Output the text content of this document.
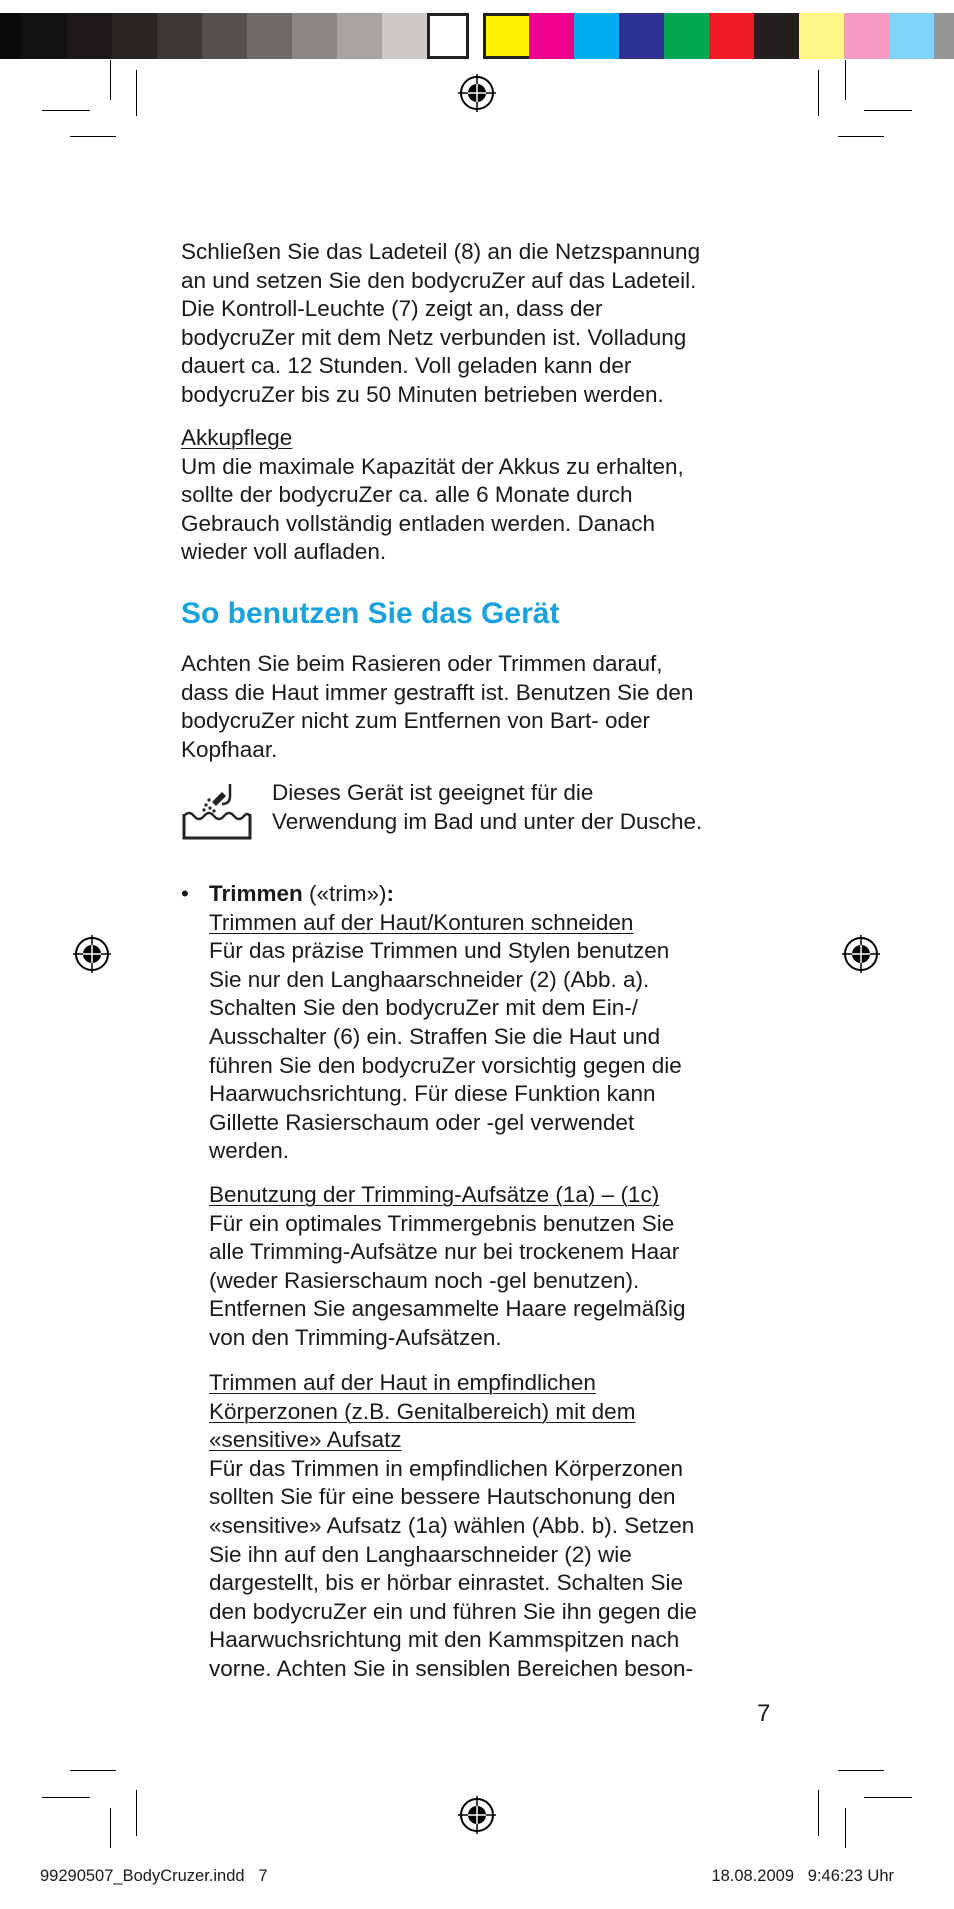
Schließen Sie das Ladeteil (8) an die Netzspannung

an und setzen Sie den bodycruZer auf das Ladeteil.

Die Kontroll-Leuchte (7) zeigt an, dass der

bodycruZer mit dem Netz verbunden ist. Volladung

dauert ca. 12 Stunden. Voll geladen kann der

bodycruZer bis zu 50 Minuten betrieben werden.

Akkupflege

Um die maximale Kapazität der Akkus zu erhalten,

sollte der bodycruZer ca. alle 6 Monate durch

Gebrauch vollständig entladen werden. Danach

wieder voll aufladen.

So benutzen Sie das Gerät

Achten Sie beim Rasieren oder Trimmen darauf,

dass die Haut immer gestrafft ist. Benutzen Sie den

bodycruZer nicht zum Entfernen von Bart- oder

Kopfhaar.

Dieses Gerät ist geeignet für die

Verwendung im Bad und unter der Dusche.

• Trimmen («trim»):

Trimmen auf der Haut/Konturen schneiden

Für das präzise Trimmen und Stylen benutzen

Sie nur den Langhaarschneider (2) (Abb. a).

Schalten Sie den bodycruZer mit dem Ein-/

Ausschalter (6) ein. Straffen Sie die Haut und

führen Sie den bodycruZer vorsichtig gegen die

Haarwuchsrichtung. Für diese Funktion kann

Gillette Rasierschaum oder -gel verwendet

werden.

Benutzung der Trimming-Aufsätze (1a) – (1c)

Für ein optimales Trimmergebnis benutzen Sie

alle Trimming-Aufsätze nur bei trockenem Haar

(weder Rasierschaum noch -gel benutzen).

Entfernen Sie angesammelte Haare regelmäßig

von den Trimming-Aufsätzen.

Trimmen auf der Haut in empfindlichen

Körperzonen (z.B. Genitalbereich) mit dem

«sensitive» Aufsatz

Für das Trimmen in empfindlichen Körperzonen

sollten Sie für eine bessere Hautschonung den

«sensitive» Aufsatz (1a) wählen (Abb. b). Setzen

Sie ihn auf den Langhaarschneider (2) wie

dargestellt, bis er hörbar einrastet. Schalten Sie

den bodycruZer ein und führen Sie ihn gegen die

Haarwuchsrichtung mit den Kammspitzen nach

vorne. Achten Sie in sensiblen Bereichen beson-

7
99290507_BodyCruzer.indd   7	18.08.2009   9:46:23 Uhr
